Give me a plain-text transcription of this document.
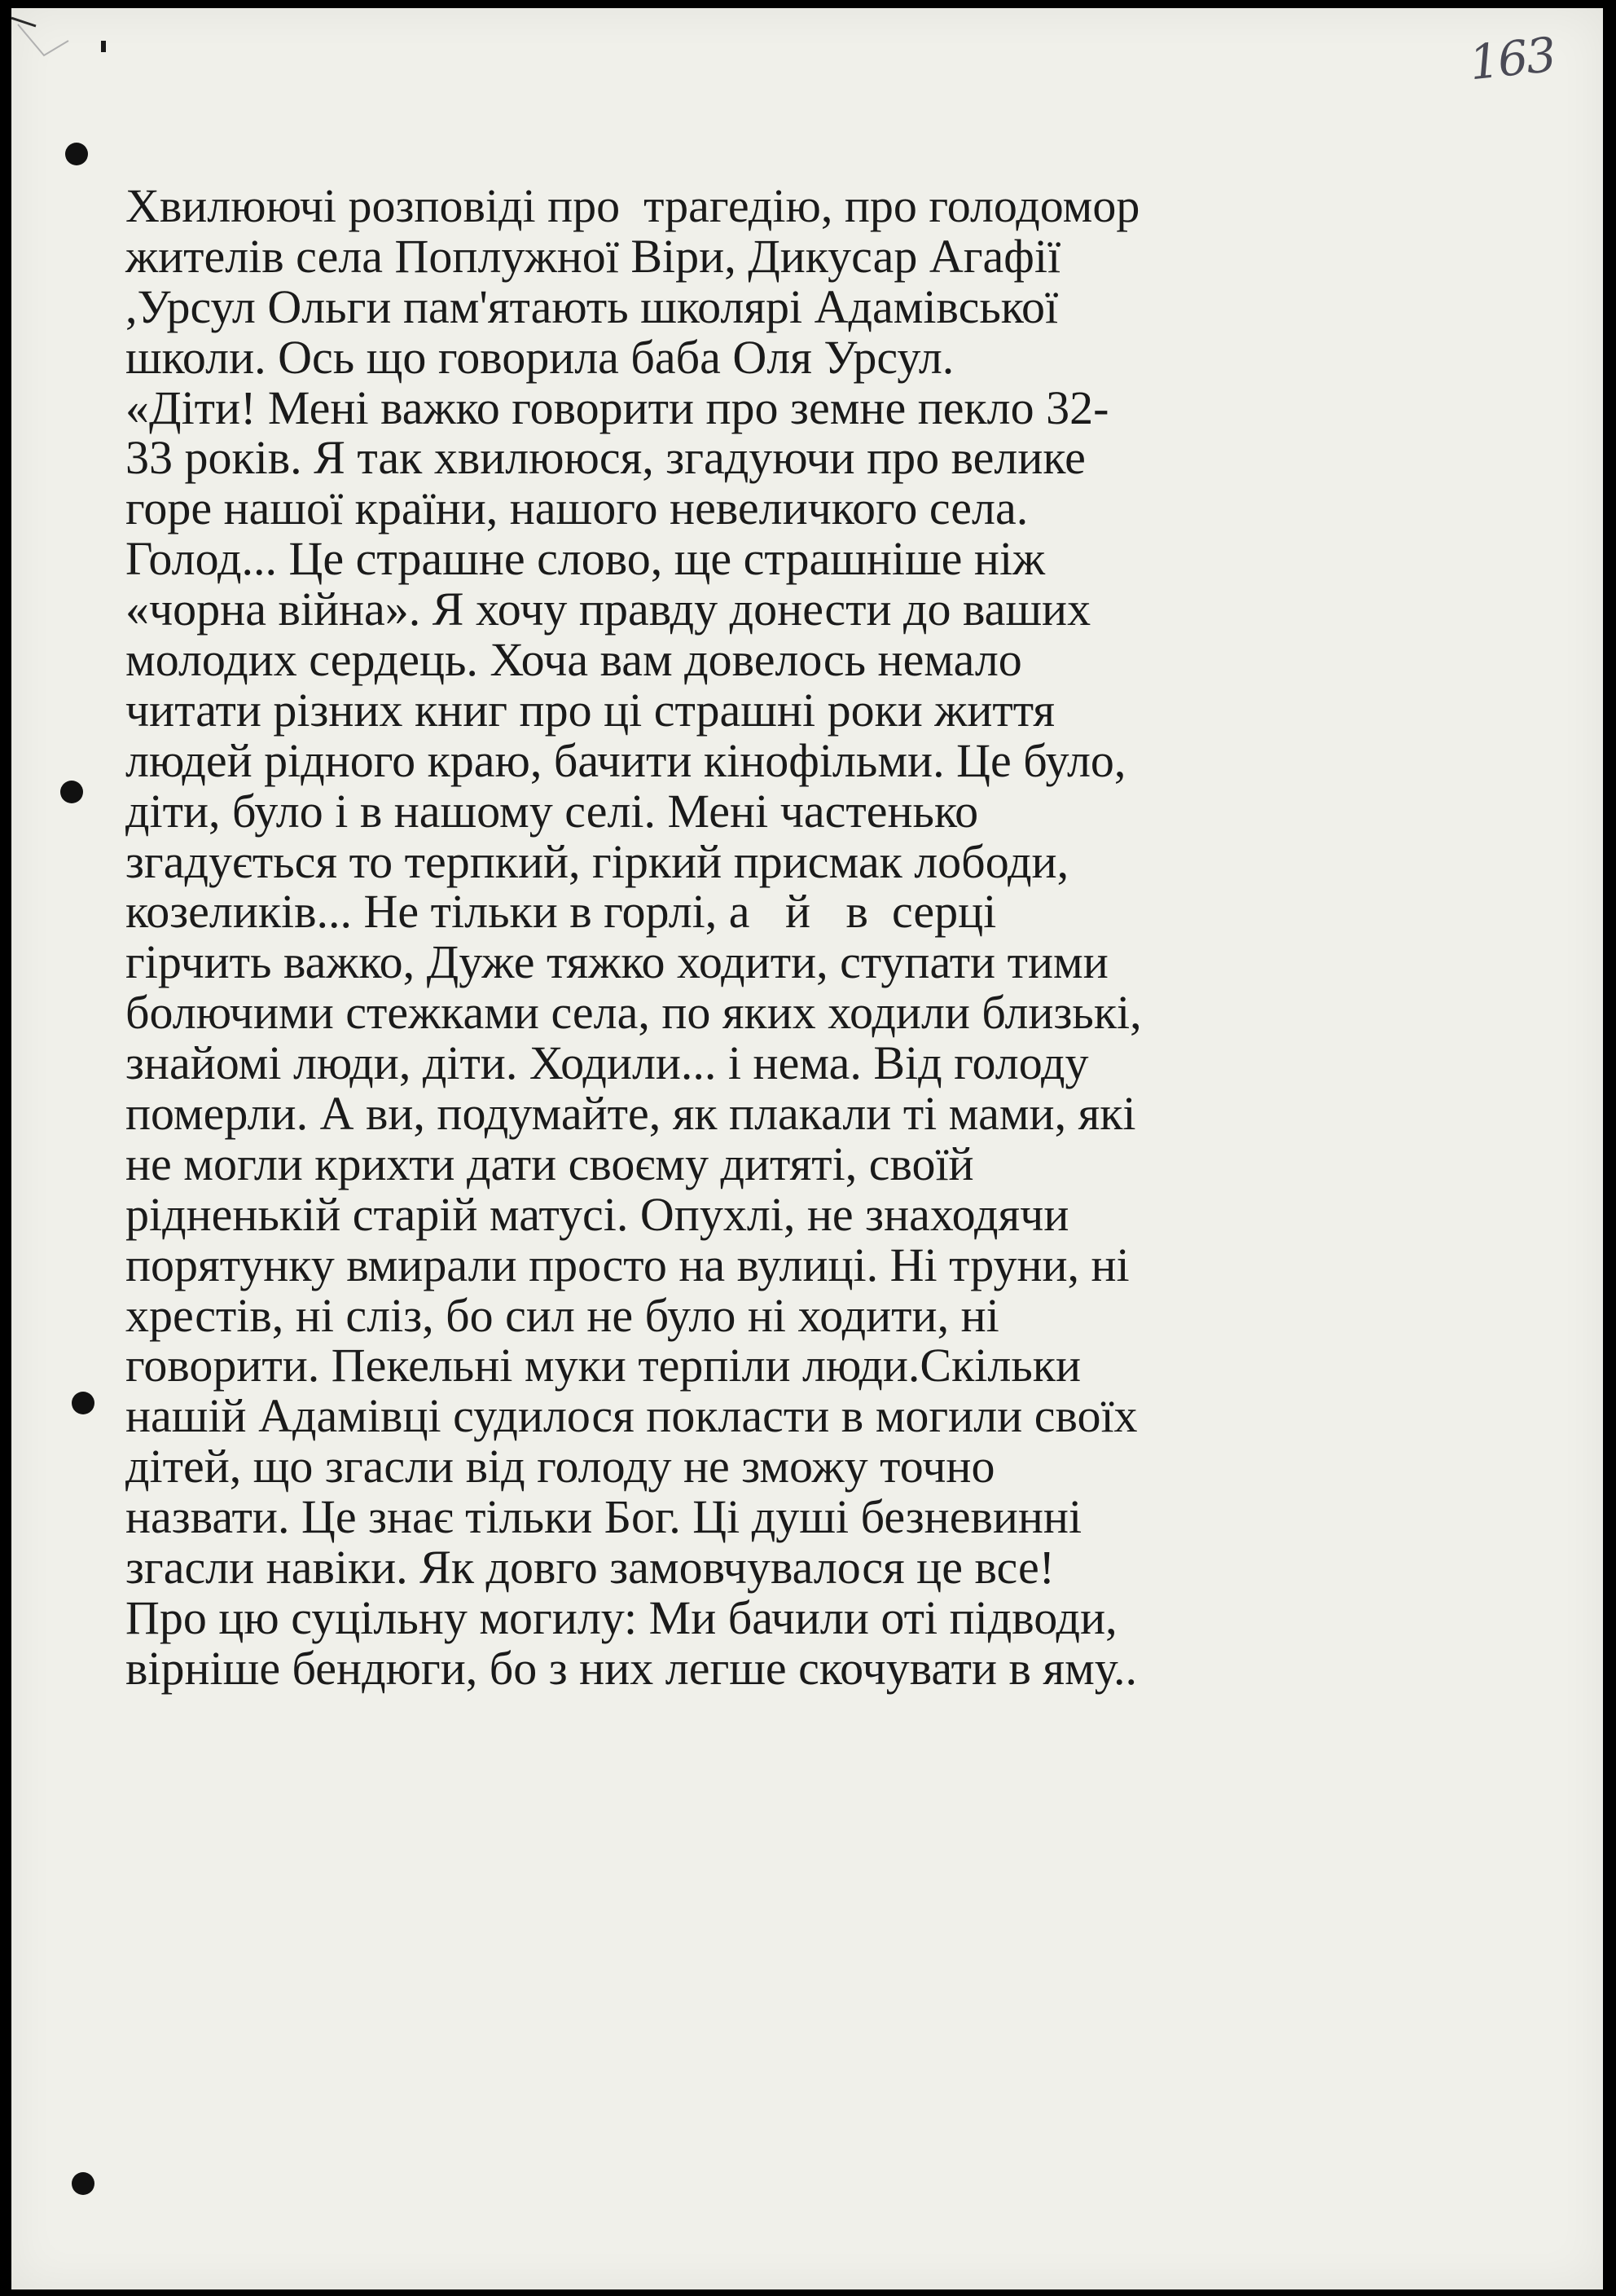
163
Хвилюючі розповіді про  трагедію, про голодомор
жителів села Поплужної Віри, Дикусар Агафії
,Урсул Ольги пам'ятають школярі Адамівської
школи. Ось що говорила баба Оля Урсул.
«Діти! Мені важко говорити про земне пекло 32-
33 років. Я так хвилююся, згадуючи про велике
горе нашої країни, нашого невеличкого села.
Голод... Це страшне слово, ще страшніше ніж
«чорна війна». Я хочу правду донести до ваших
молодих сердець. Хоча вам довелось немало
читати різних книг про ці страшні роки життя
людей рідного краю, бачити кінофільми. Це було,
діти, було і в нашому селі. Мені частенько
згадується то терпкий, гіркий присмак лободи,
козеликів... Не тільки в горлі, а   й   в  серці
гірчить важко, Дуже тяжко ходити, ступати тими
болючими стежками села, по яких ходили близькі,
знайомі люди, діти. Ходили... і нема. Від голоду
померли. А ви, подумайте, як плакали ті мами, які
не могли крихти дати своєму дитяті, своїй
рідненькій старій матусі. Опухлі, не знаходячи
порятунку вмирали просто на вулиці. Ні труни, ні
хрестів, ні сліз, бо сил не було ні ходити, ні
говорити. Пекельні муки терпіли люди.Скільки
нашій Адамівці судилося покласти в могили своїх
дітей, що згасли від голоду не зможу точно
назвати. Це знає тільки Бог. Ці душі безневинні
згасли навіки. Як довго замовчувалося це все!
Про цю суцільну могилу: Ми бачили оті підводи,
вірніше бендюги, бо з них легше скочувати в яму..
